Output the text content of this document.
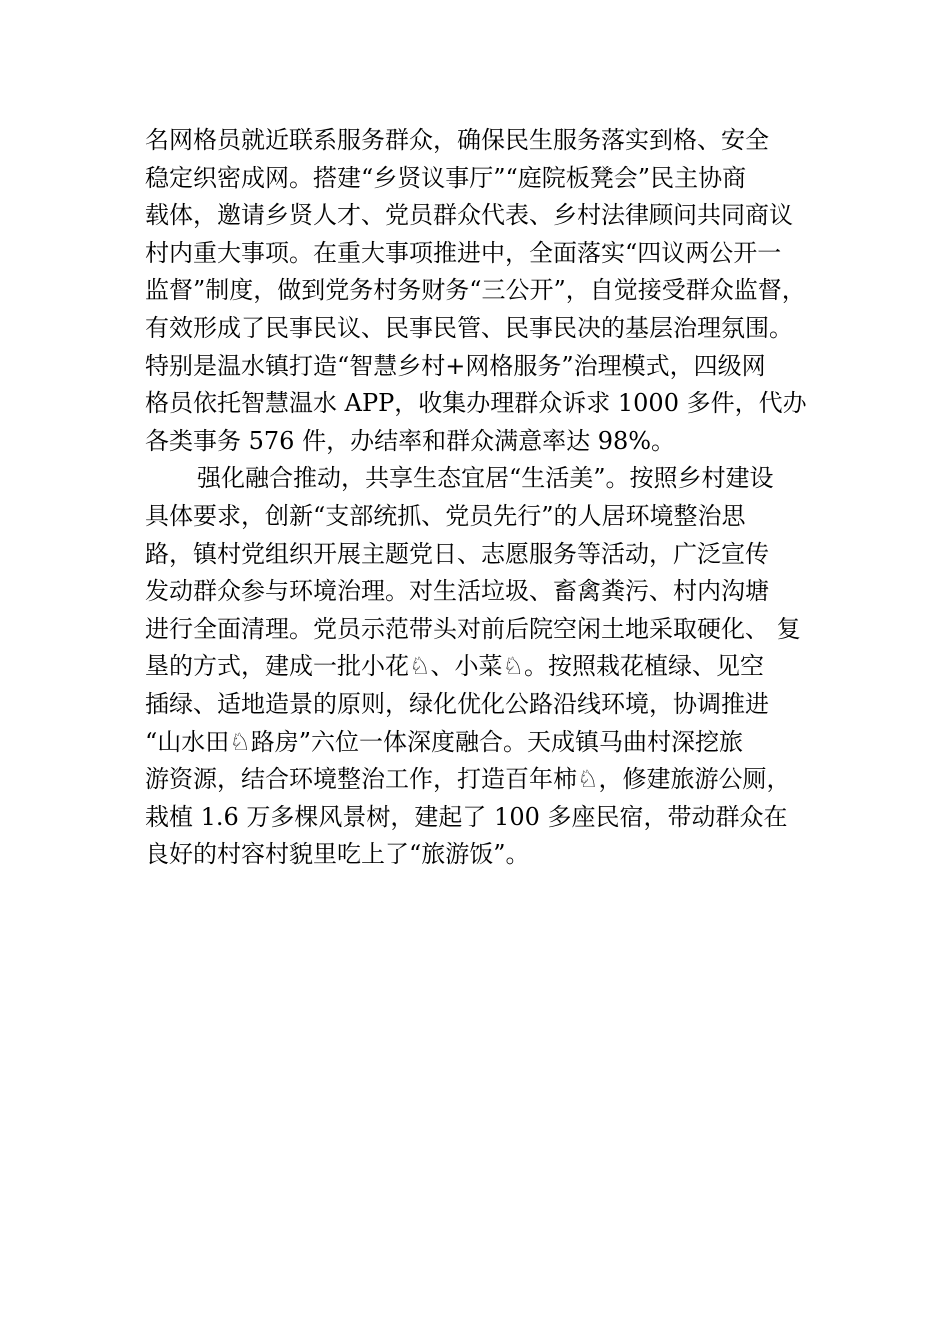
名网格员就近联系服务群众，确保民生服务落实到格、安全
稳定织密成网。搭建“乡贤议事厅”“庭院板凳会”民主协商
载体，邀请乡贤人才、党员群众代表、乡村法律顾问共同商议
村内重大事项。在重大事项推进中，全面落实“四议两公开一
监督”制度，做到党务村务财务“三公开”，自觉接受群众监督，
有效形成了民事民议、民事民管、民事民决的基层治理氛围。
特别是温水镇打造“智慧乡村+网格服务”治理模式，四级网
格员依托智慧温水 APP，收集办理群众诉求 1000 多件，代办
各类事务 576 件，办结率和群众满意率达 98%。
强化融合推动，共享生态宜居“生活美”。按照乡村建设
具体要求，创新“支部统抓、党员先行”的人居环境整治思
路，镇村党组织开展主题党日、志愿服务等活动，广泛宣传
发动群众参与环境治理。对生活垃圾、畜禽粪污、村内沟塘
进行全面清理。党员示范带头对前后院空闲土地采取硬化、 复
垦的方式，建成一批小花♘、小菜♘。按照栽花植绿、见空
插绿、适地造景的原则，绿化优化公路沿线环境，协调推进
“山水田♘路房”六位一体深度融合。天成镇马曲村深挖旅
游资源，结合环境整治工作，打造百年柿♘，修建旅游公厕，
栽植 1.6 万多棵风景树，建起了 100 多座民宿，带动群众在
良好的村容村貌里吃上了“旅游饭”。
